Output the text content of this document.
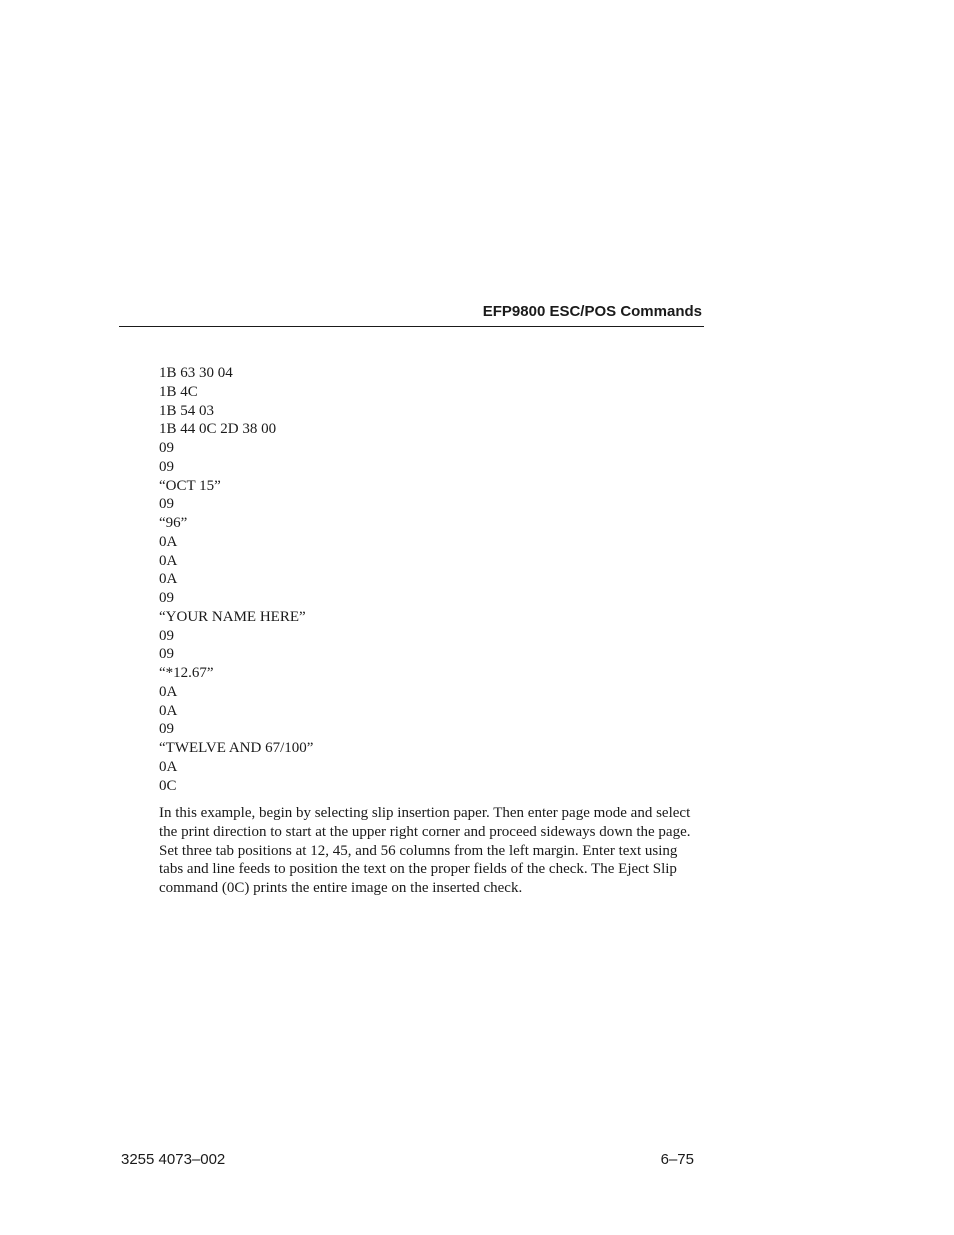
EFP9800 ESC/POS Commands
1B 63 30 04
1B 4C
1B 54 03
1B 44 0C 2D 38 00
09
09
“OCT 15”
09
“96”
0A
0A
0A
09
“YOUR NAME HERE”
09
09
“*12.67”
0A
0A
09
“TWELVE AND 67/100”
0A
0C

In this example, begin by selecting slip insertion paper. Then enter page mode and select the print direction to start at the upper right corner and proceed sideways down the page. Set three tab positions at 12, 45, and 56 columns from the left margin. Enter text using tabs and line feeds to position the text on the proper fields of the check. The Eject Slip command (0C) prints the entire image on the inserted check.

3255 4073–002	6–75
